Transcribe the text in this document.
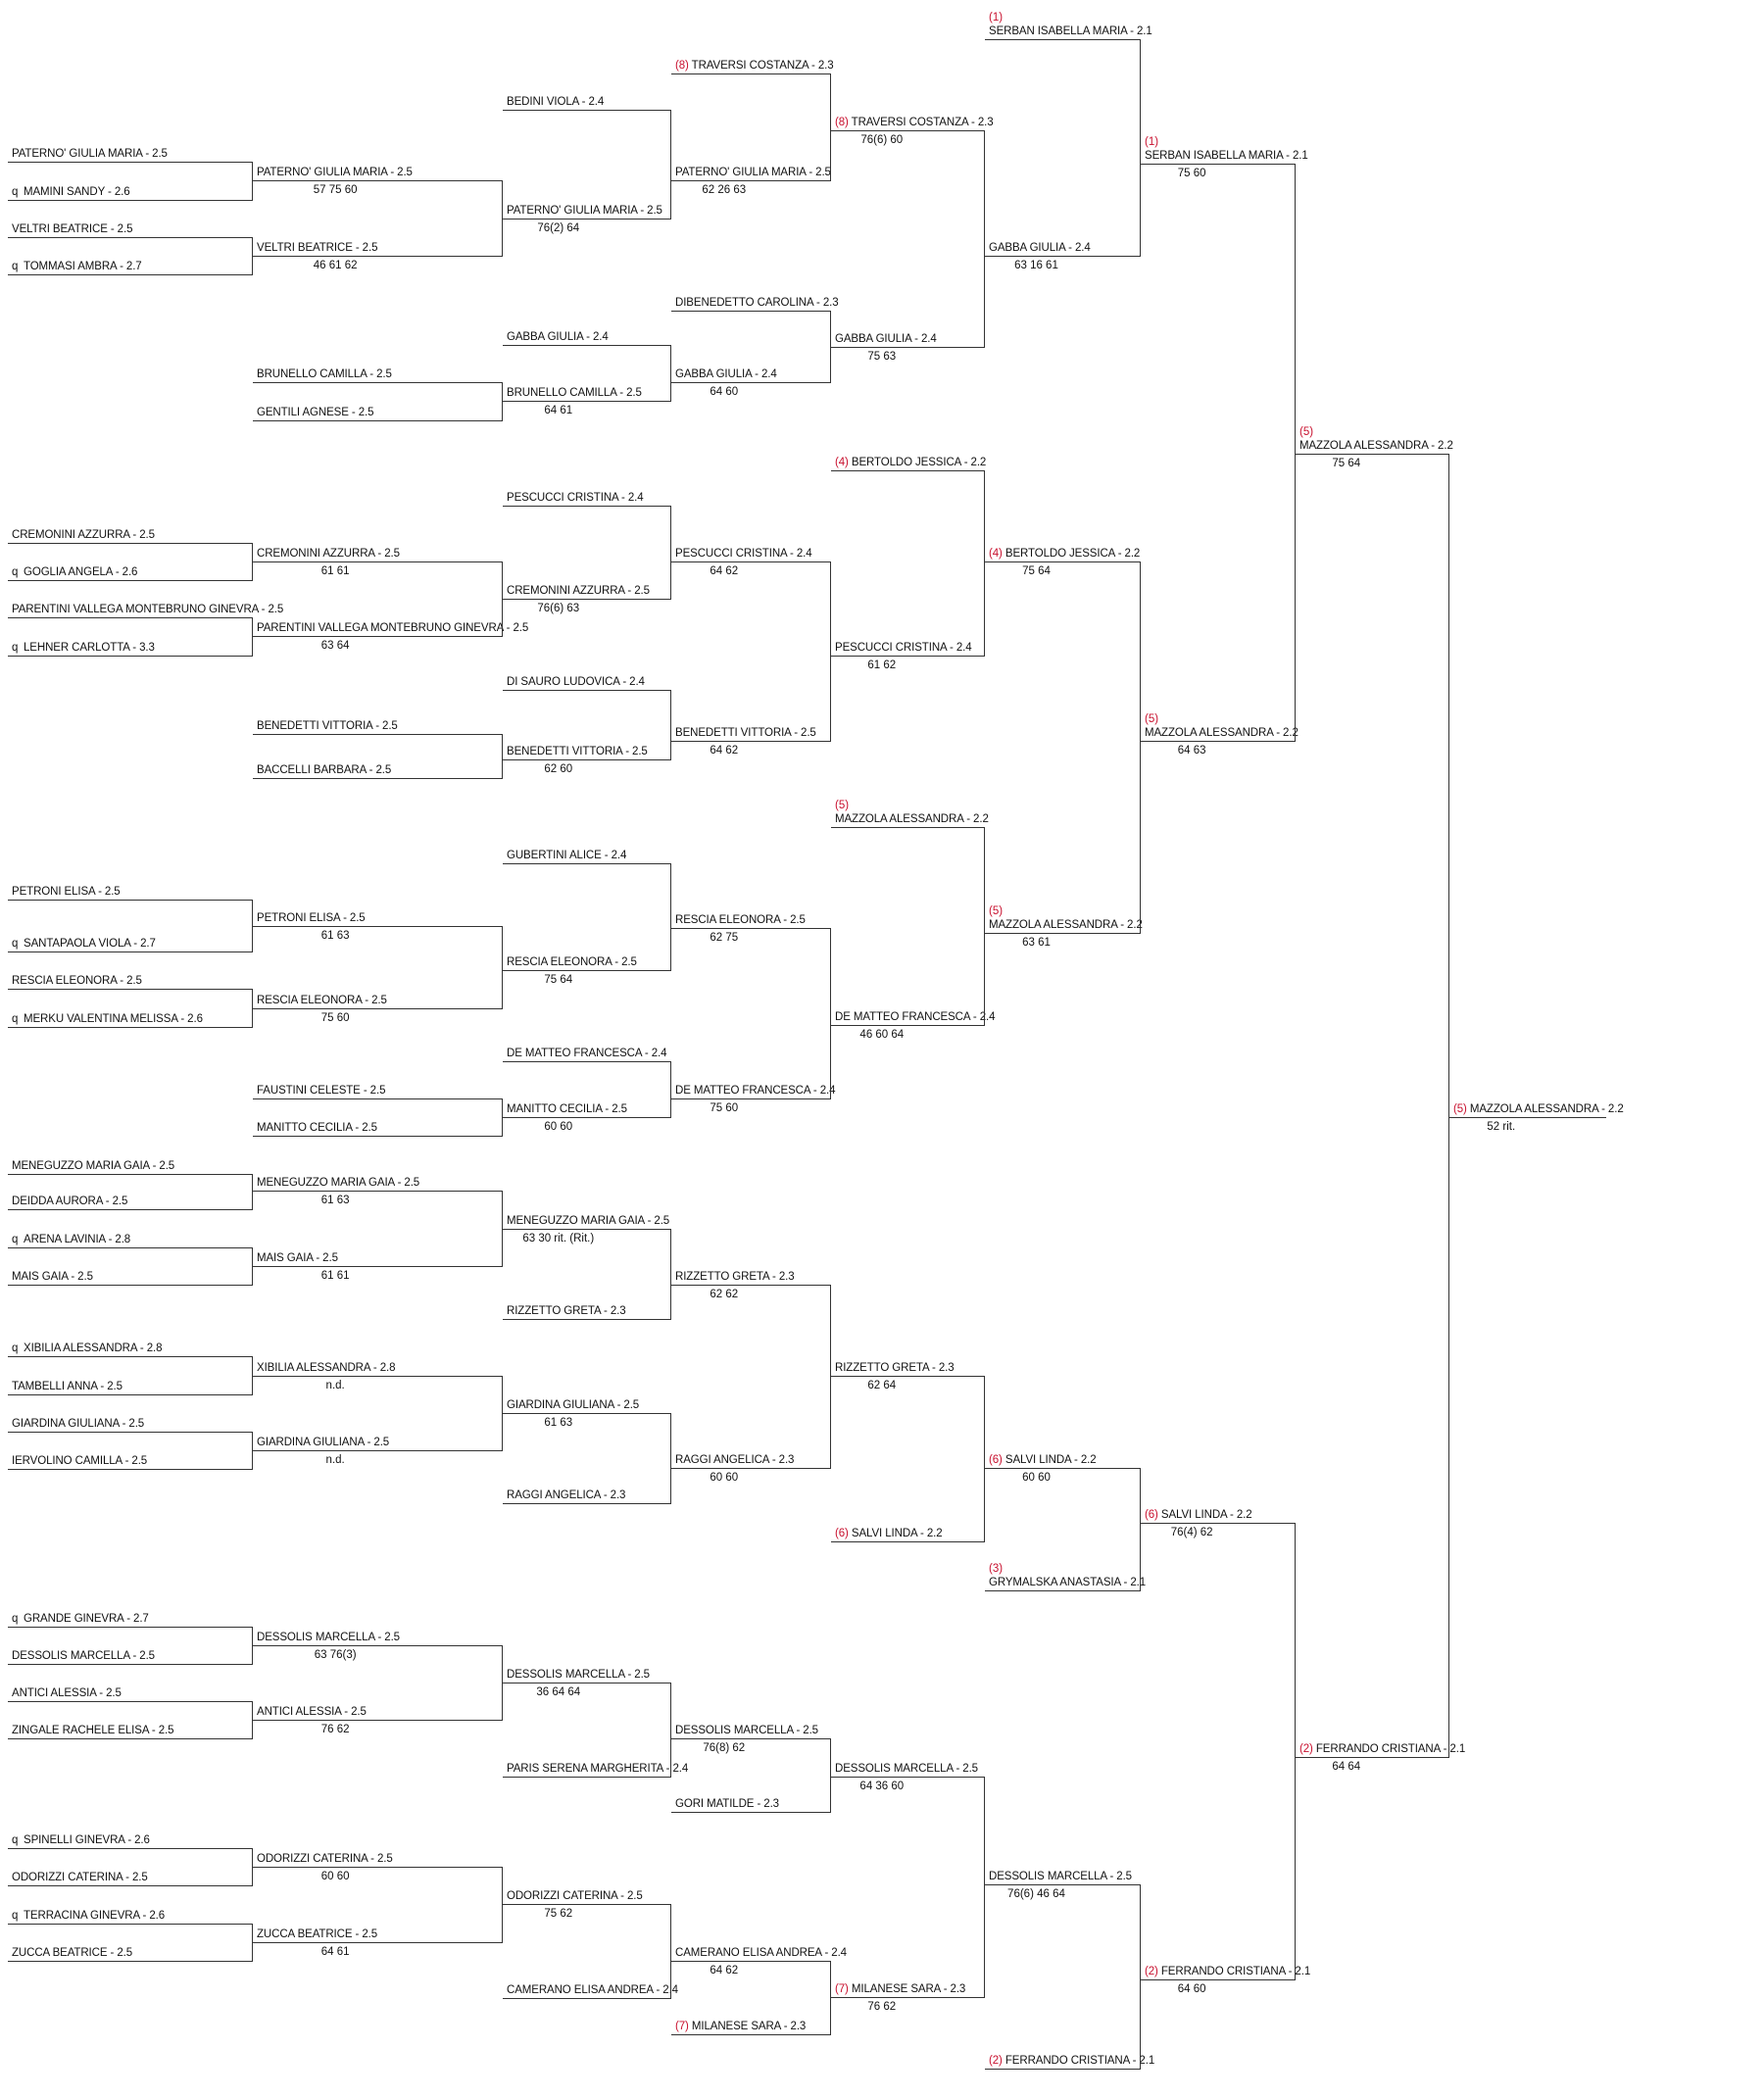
PATERNO' GIULIA MARIA - 2.5
q MAMINI SANDY - 2.6
VELTRI BEATRICE - 2.5
q TOMMASI AMBRA - 2.7
CREMONINI AZZURRA - 2.5
q GOGLIA ANGELA - 2.6
PARENTINI VALLEGA MONTEBRUNO GINEVRA - 2.5
q LEHNER CARLOTTA - 3.3
PETRONI ELISA - 2.5
q SANTAPAOLA VIOLA - 2.7
RESCIA ELEONORA - 2.5
q MERKU VALENTINA MELISSA - 2.6
MENEGUZZO MARIA GAIA - 2.5
DEIDDA AURORA - 2.5
q ARENA LAVINIA - 2.8
MAIS GAIA - 2.5
q XIBILIA ALESSANDRA - 2.8
TAMBELLI ANNA - 2.5
GIARDINA GIULIANA - 2.5
IERVOLINO CAMILLA - 2.5
q GRANDE GINEVRA - 2.7
DESSOLIS MARCELLA - 2.5
ANTICI ALESSIA - 2.5
ZINGALE RACHELE ELISA - 2.5
q SPINELLI GINEVRA - 2.6
ODORIZZI CATERINA - 2.5
q TERRACINA GINEVRA - 2.6
ZUCCA BEATRICE - 2.5
PATERNO' GIULIA MARIA - 2.5
57 75 60
VELTRI BEATRICE - 2.5
46 61 62
BRUNELLO CAMILLA - 2.5
GENTILI AGNESE - 2.5
CREMONINI AZZURRA - 2.5
61 61
PARENTINI VALLEGA MONTEBRUNO GINEVRA - 2.5
63 64
BENEDETTI VITTORIA - 2.5
BACCELLI BARBARA - 2.5
PETRONI ELISA - 2.5
61 63
RESCIA ELEONORA - 2.5
75 60
FAUSTINI CELESTE - 2.5
MANITTO CECILIA - 2.5
MENEGUZZO MARIA GAIA - 2.5
61 63
MAIS GAIA - 2.5
61 61
XIBILIA ALESSANDRA - 2.8
n.d.
GIARDINA GIULIANA - 2.5
n.d.
DESSOLIS MARCELLA - 2.5
63 76(3)
ANTICI ALESSIA - 2.5
76 62
ODORIZZI CATERINA - 2.5
60 60
ZUCCA BEATRICE - 2.5
64 61
BEDINI VIOLA - 2.4
PATERNO' GIULIA MARIA - 2.5
76(2) 64
GABBA GIULIA - 2.4
BRUNELLO CAMILLA - 2.5
64 61
PESCUCCI CRISTINA - 2.4
CREMONINI AZZURRA - 2.5
76(6) 63
DI SAURO LUDOVICA - 2.4
BENEDETTI VITTORIA - 2.5
62 60
GUBERTINI ALICE - 2.4
RESCIA ELEONORA - 2.5
75 64
DE MATTEO FRANCESCA - 2.4
MANITTO CECILIA - 2.5
60 60
MENEGUZZO MARIA GAIA - 2.5
63 30 rit. (Rit.)
RIZZETTO GRETA - 2.3
GIARDINA GIULIANA - 2.5
61 63
RAGGI ANGELICA - 2.3
DESSOLIS MARCELLA - 2.5
36 64 64
PARIS SERENA MARGHERITA - 2.4
ODORIZZI CATERINA - 2.5
75 62
CAMERANO ELISA ANDREA - 2.4
(8) TRAVERSI COSTANZA - 2.3
PATERNO' GIULIA MARIA - 2.5
62 26 63
DIBENEDETTO CAROLINA - 2.3
GABBA GIULIA - 2.4
64 60
PESCUCCI CRISTINA - 2.4
64 62
BENEDETTI VITTORIA - 2.5
64 62
RESCIA ELEONORA - 2.5
62 75
DE MATTEO FRANCESCA - 2.4
75 60
RIZZETTO GRETA - 2.3
62 62
RAGGI ANGELICA - 2.3
60 60
DESSOLIS MARCELLA - 2.5
76(8) 62
GORI MATILDE - 2.3
CAMERANO ELISA ANDREA - 2.4
64 62
(7) MILANESE SARA - 2.3
(8) TRAVERSI COSTANZA - 2.3
76(6) 60
GABBA GIULIA - 2.4
75 63
(4) BERTOLDO JESSICA - 2.2
PESCUCCI CRISTINA - 2.4
61 62
(5)
MAZZOLA ALESSANDRA - 2.2
DE MATTEO FRANCESCA - 2.4
46 60 64
RIZZETTO GRETA - 2.3
62 64
(6) SALVI LINDA - 2.2
DESSOLIS MARCELLA - 2.5
64 36 60
(7) MILANESE SARA - 2.3
76 62
(1)
SERBAN ISABELLA MARIA - 2.1
GABBA GIULIA - 2.4
63 16 61
(4) BERTOLDO JESSICA - 2.2
75 64
(5)
MAZZOLA ALESSANDRA - 2.2
63 61
(6) SALVI LINDA - 2.2
60 60
(3)
GRYMALSKA ANASTASIA - 2.1
DESSOLIS MARCELLA - 2.5
76(6) 46 64
(2) FERRANDO CRISTIANA - 2.1
(1)
SERBAN ISABELLA MARIA - 2.1
75 60
(5)
MAZZOLA ALESSANDRA - 2.2
64 63
(6) SALVI LINDA - 2.2
76(4) 62
(2) FERRANDO CRISTIANA - 2.1
64 60
(5)
MAZZOLA ALESSANDRA - 2.2
75 64
(2) FERRANDO CRISTIANA - 2.1
64 64
(5) MAZZOLA ALESSANDRA - 2.2
52 rit.
